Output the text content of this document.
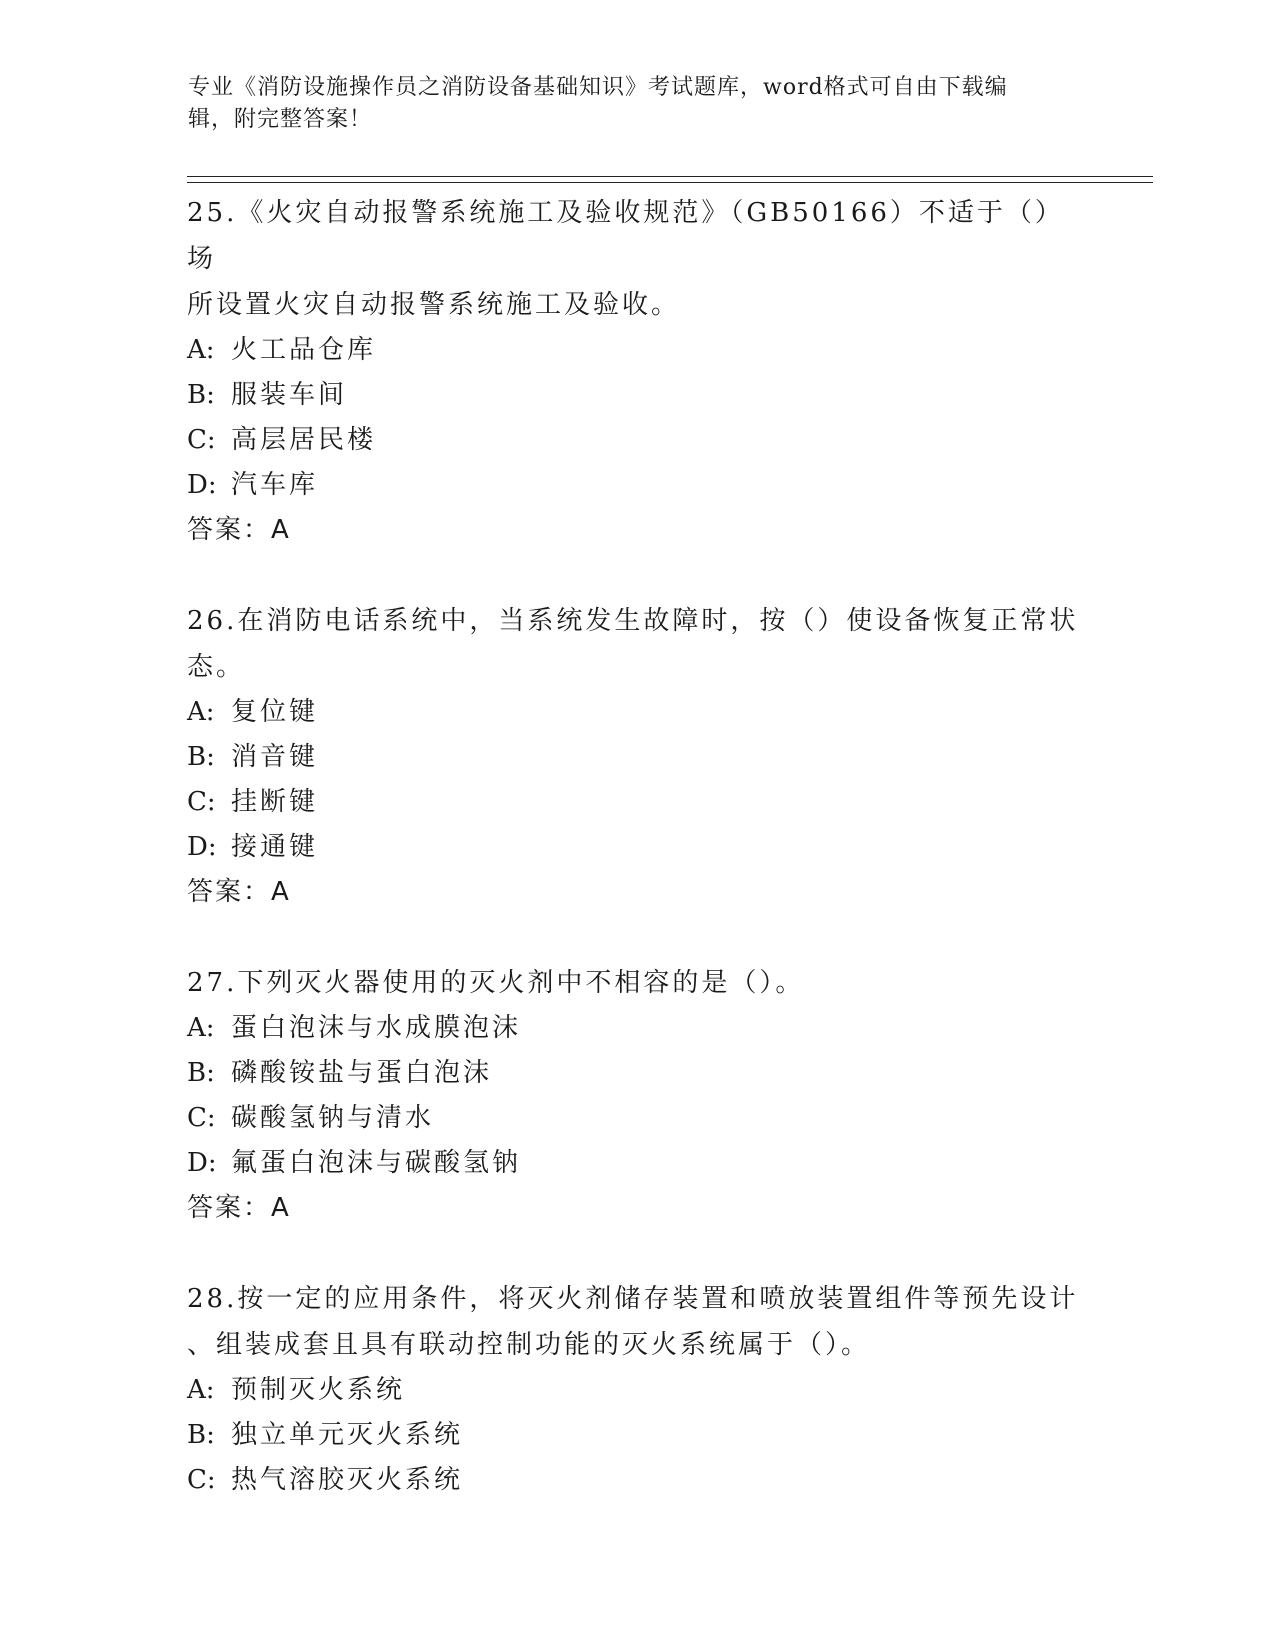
专业《消防设施操作员之消防设备基础知识》考试题库，word格式可自由下载编
辑，附完整答案！

25.《火灾自动报警系统施工及验收规范》（GB50166）不适于（）场

所设置火灾自动报警系统施工及验收。

A: 火工品仓库

B: 服装车间

C: 高层居民楼

D: 汽车库

答案：A

26.在消防电话系统中，当系统发生故障时，按（）使设备恢复正常状

态。

A: 复位键

B: 消音键

C: 挂断键

D: 接通键

答案：A

27.下列灭火器使用的灭火剂中不相容的是（）。

A: 蛋白泡沫与水成膜泡沫

B: 磷酸铵盐与蛋白泡沫

C: 碳酸氢钠与清水

D: 氟蛋白泡沫与碳酸氢钠

答案：A

28.按一定的应用条件，将灭火剂储存装置和喷放装置组件等预先设计

、组装成套且具有联动控制功能的灭火系统属于（）。

A: 预制灭火系统

B: 独立单元灭火系统

C: 热气溶胶灭火系统
